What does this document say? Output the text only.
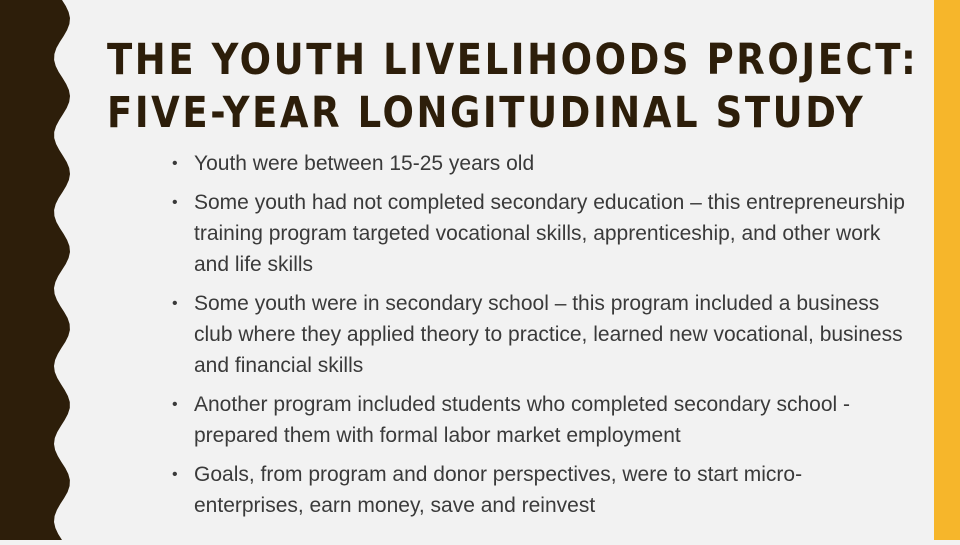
THE YOUTH LIVELIHOODS PROJECT:
FIVE-YEAR LONGITUDINAL STUDY
• Youth were between 15-25 years old
• Some youth had not completed secondary education – this entrepreneurship training program targeted vocational skills, apprenticeship, and other work and life skills
• Some youth were in secondary school – this program included a business club where they applied theory to practice, learned new vocational, business and financial skills
• Another program included students who completed secondary school - prepared them with formal labor market employment
• Goals, from program and donor perspectives, were to start micro-enterprises, earn money, save and reinvest
